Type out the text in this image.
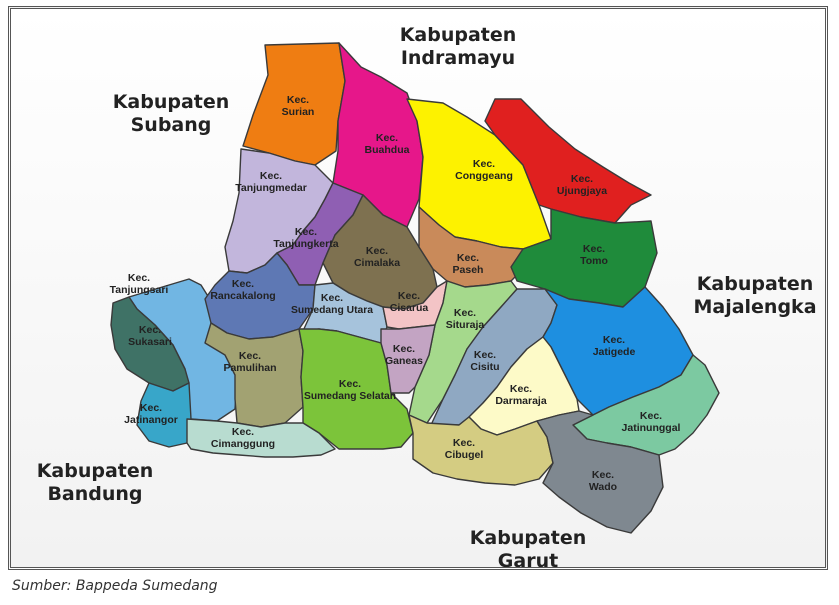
Kec. Surian
Kec. Buahdua
Kec. Conggeang	Kec. Ujungjaya
Kec. Tanjungmedar
Kec. Tanjungkerta
Kec. Cimalaka	Kec. Paseh
Kec. Tomo
Kec. Tanjungsari	Kec. Rancakalong	Kec.
Sumedang Utara
Kec. Cisarua	Kec. Situraja
Kec. Jatigede
Kec. Sukasari
Kec. Pamulihan
Kec.
Sumedang Selatan
Kec. Ganeas	Kec. Cisitu
Kec. Darmaraja
Kec. Jatinunggal
Kec. Jatinangor
Kec. Cimanggung	Kec. Cibugel
Kec. Wado
Kabupaten Indramayu
Kabupaten Subang
Kabupaten Majalengka
Kabupaten Bandung
Kabupaten Garut
Sumber: Bappeda Sumedang
